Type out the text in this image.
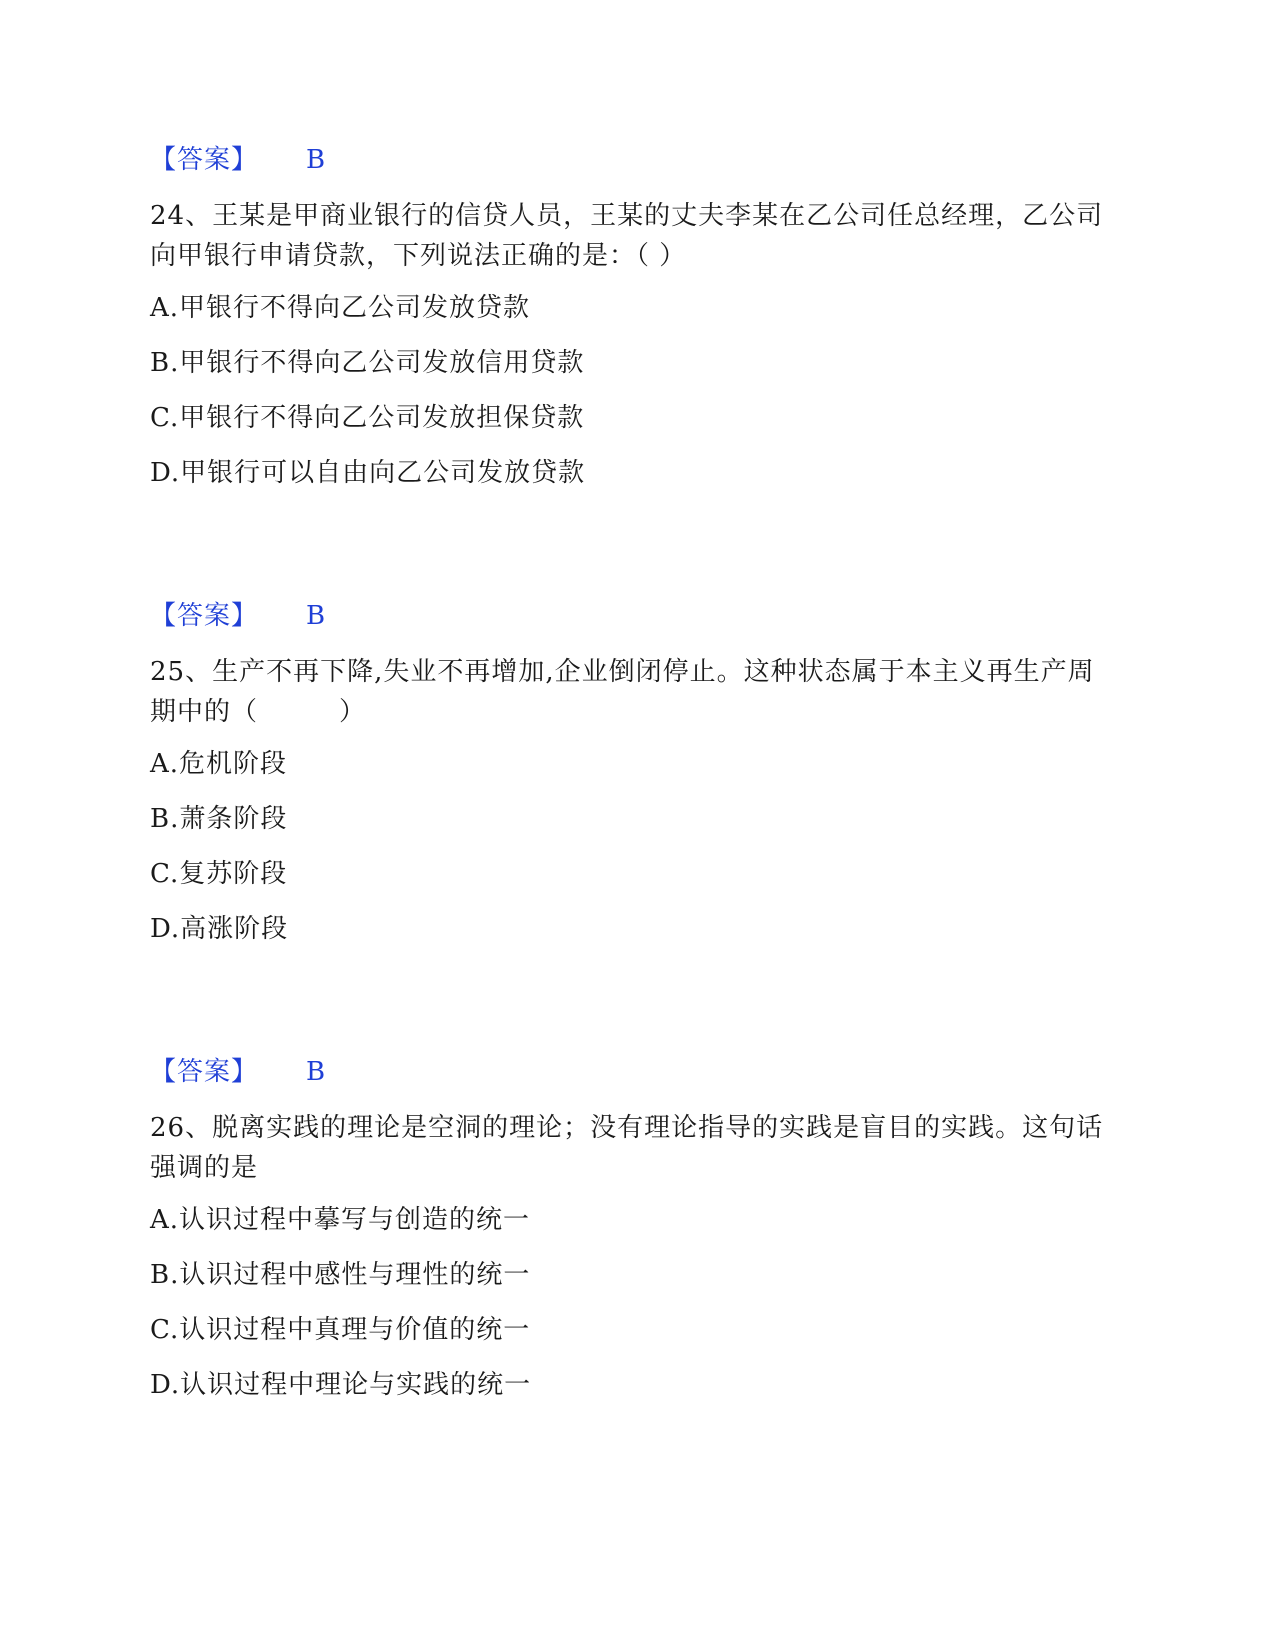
【答案】 B
24、王某是甲商业银行的信贷人员，王某的丈夫李某在乙公司任总经理，乙公司向甲银行申请贷款，下列说法正确的是：（ ）
A.甲银行不得向乙公司发放贷款
B.甲银行不得向乙公司发放信用贷款
C.甲银行不得向乙公司发放担保贷款
D.甲银行可以自由向乙公司发放贷款
【答案】 B
25、生产不再下降,失业不再增加,企业倒闭停止。这种状态属于本主义再生产周期中的（　　　）
A.危机阶段
B.萧条阶段
C.复苏阶段
D.高涨阶段
【答案】 B
26、脱离实践的理论是空洞的理论；没有理论指导的实践是盲目的实践。这句话强调的是
A.认识过程中摹写与创造的统一
B.认识过程中感性与理性的统一
C.认识过程中真理与价值的统一
D.认识过程中理论与实践的统一
